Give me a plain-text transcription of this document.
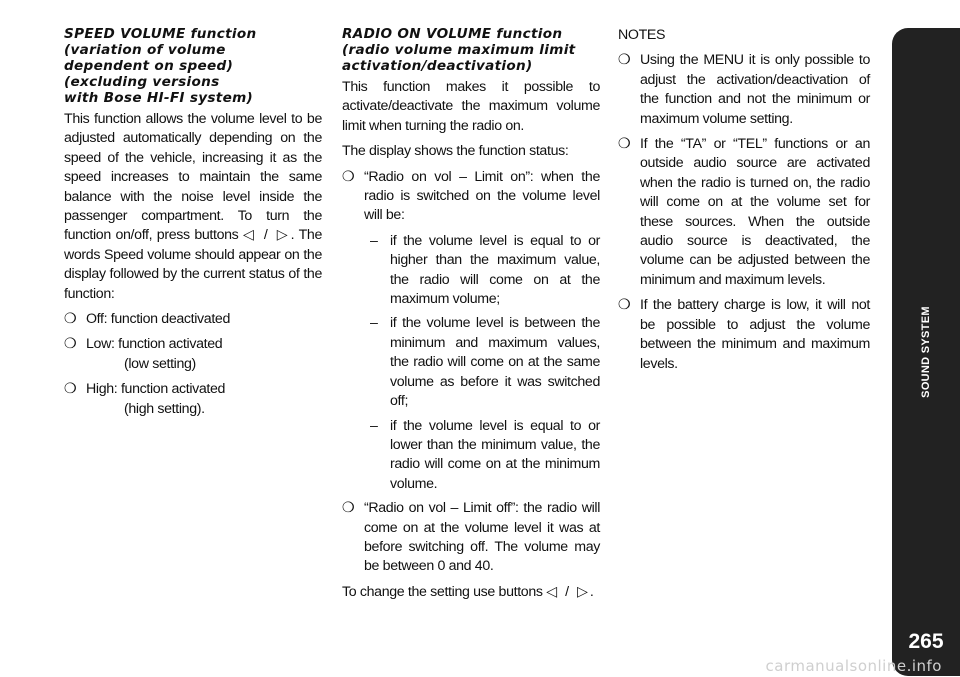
SPEED VOLUME function
(variation of volume
dependent on speed)
(excluding versions
with Bose HI-FI system)

This function allows the volume level to be adjusted automatically depending on the speed of the vehicle, increasing it as the speed increases to maintain the same balance with the noise level inside the passenger compartment. To turn the function on/off, press buttons ◁ / ▷. The words Speed volume should appear on the display followed by the current status of the function:

❍ Off: function deactivated
❍ Low: function activated
(low setting)
❍ High: function activated
(high setting).
RADIO ON VOLUME function
(radio volume maximum limit
activation/deactivation)

This function makes it possible to activate/deactivate the maximum volume limit when turning the radio on.

The display shows the function status:

❍ “Radio on vol – Limit on”: when the radio is switched on the volume level will be:
– if the volume level is equal to or higher than the maximum value, the radio will come on at the maximum volume;
– if the volume level is between the minimum and maximum values, the radio will come on at the same volume as before it was switched off;
– if the volume level is equal to or lower than the minimum value, the radio will come on at the minimum volume.
❍ “Radio on vol – Limit off”: the radio will come on at the volume level it was at before switching off. The volume may be between 0 and 40.

To change the setting use buttons ◁ / ▷.

NOTES
❍ Using the MENU it is only possible to adjust the activation/deactivation of the function and not the minimum or maximum volume setting.
❍ If the “TA” or “TEL” functions or an outside audio source are activated when the radio is turned on, the radio will come on at the volume set for these sources. When the outside audio source is deactivated, the volume can be adjusted between the minimum and maximum levels.
❍ If the battery charge is low, it will not be possible to adjust the volume between the minimum and maximum levels.	SOUND SYSTEM
265
carmanualsonline.info
